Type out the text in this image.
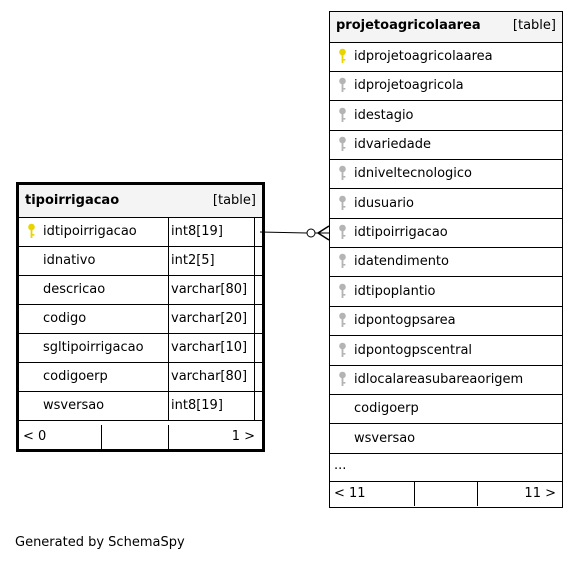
tipoirrigacao	[table]
idtipoirrigacao	int8[19]
idnativo	int2[5]
descricao	varchar[80]
codigo	varchar[20]
sgltipoirrigacao	varchar[10]
codigoerp	varchar[80]
wsversao	int8[19]
< 0	1 >
projetoagricolaarea [table]
idprojetoagricolaarea
idprojetoagricola
idestagio
idvariedade
idniveltecnologico
idusuario
idtipoirrigacao
idatendimento
idtipoplantio
idpontogpsarea
idpontogpscentral
idlocalareasubareaorigem
codigoerp
wsversao
...
< 11	11 >
Generated by SchemaSpy
